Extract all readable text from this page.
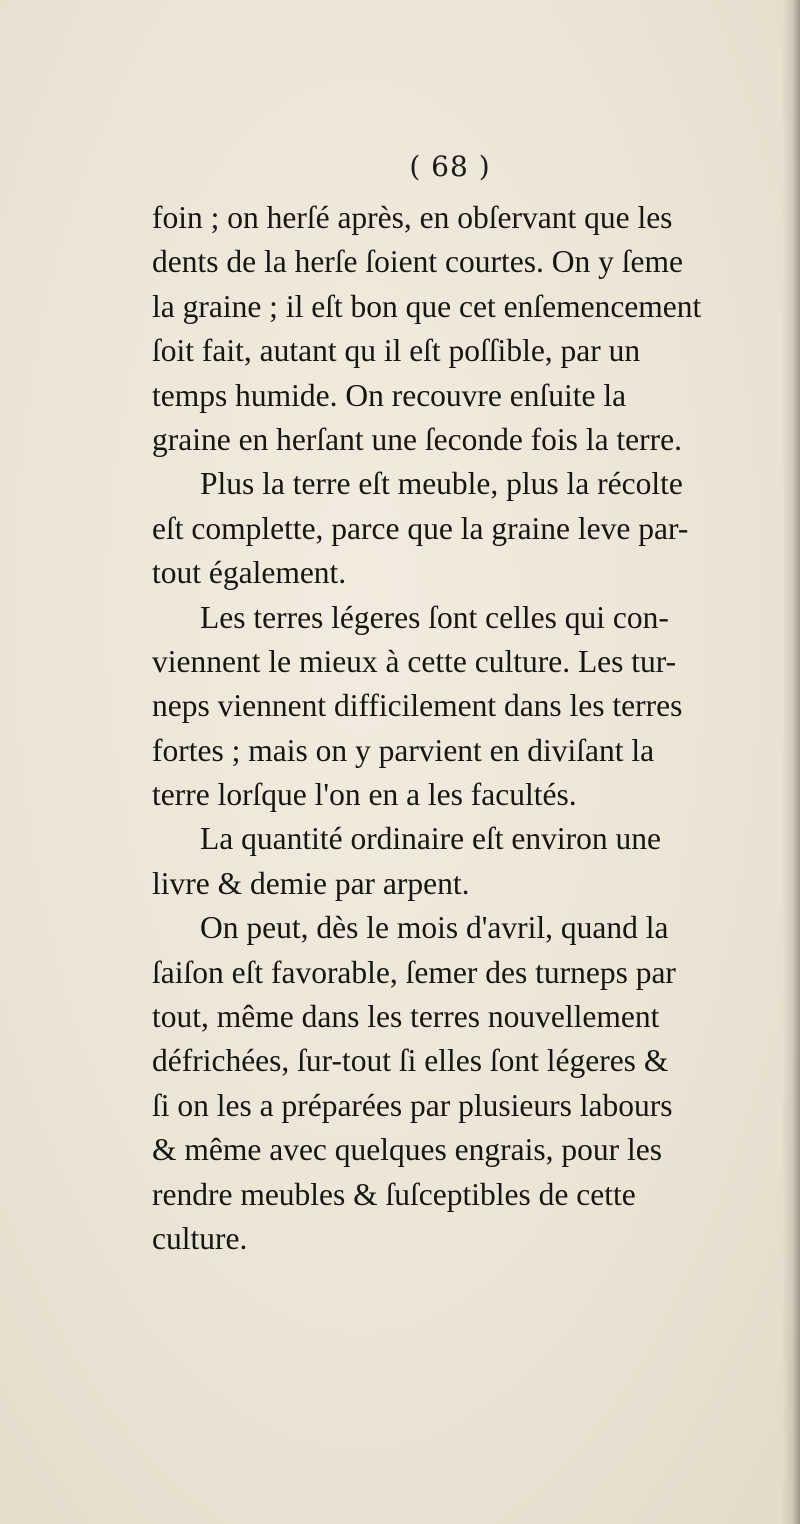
( 68 )
foin ; on herſé après, en obſervant que les
dents de la herſe ſoient courtes. On y ſeme
la graine ; il eſt bon que cet enſemencement
ſoit fait, autant qu il eſt poſſible, par un
temps humide. On recouvre enſuite la
graine en herſant une ſeconde fois la terre.
Plus la terre eſt meuble, plus la récolte
eſt complette, parce que la graine leve par-
tout également.
Les terres légeres ſont celles qui con-
viennent le mieux à cette culture. Les tur-
neps viennent difficilement dans les terres
fortes ; mais on y parvient en diviſant la
terre lorſque l'on en a les facultés.
La quantité ordinaire eſt environ une
livre & demie par arpent.
On peut, dès le mois d'avril, quand la
ſaiſon eſt favorable, ſemer des turneps par
tout, même dans les terres nouvellement
défrichées, ſur-tout ſi elles ſont légeres &
ſi on les a préparées par plusieurs labours
& même avec quelques engrais, pour les
rendre meubles & ſuſceptibles de cette
culture.
